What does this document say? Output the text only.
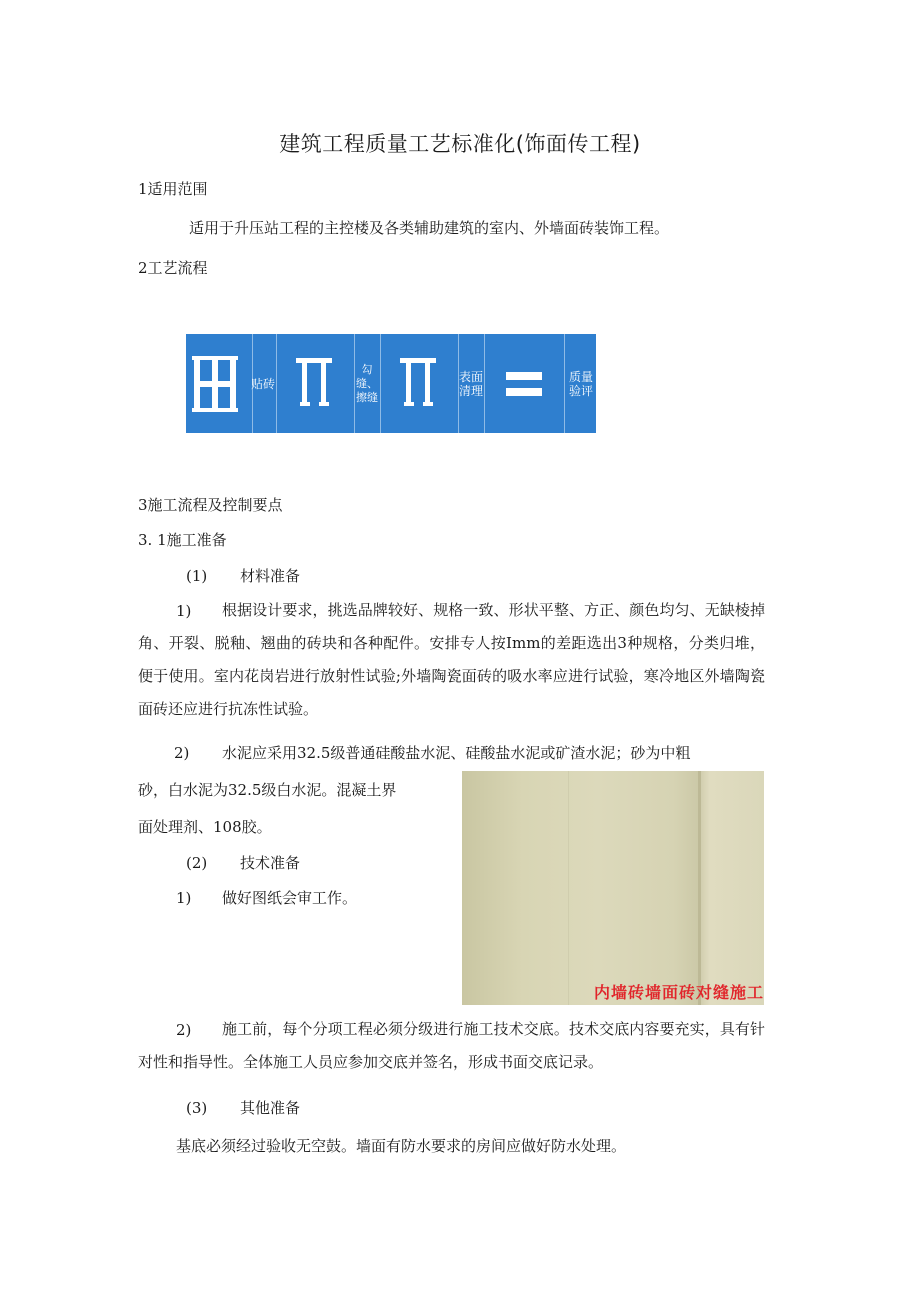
建筑工程质量工艺标准化(饰面传工程)
1适用范围
适用于升压站工程的主控楼及各类辅助建筑的室内、外墙面砖装饰工程。
2工艺流程
贴砖
勾缝、擦缝
表面清理
质量验评
3施工流程及控制要点
3. 1施工准备
(1) 材料准备
1)	根据设计要求，挑选品牌较好、规格一致、形状平整、方正、颜色均匀、无缺棱掉角、开裂、脱釉、翘曲的砖块和各种配件。安排专人按Imm的差距选出3种规格，分类归堆，便于使用。室内花岗岩进行放射性试验;外墙陶瓷面砖的吸水率应进行试验，寒冷地区外墙陶瓷面砖还应进行抗冻性试验。
2) 水泥应采用32.5级普通硅酸盐水泥、硅酸盐水泥或矿渣水泥；砂为中粗
砂，白水泥为32.5级白水泥。混凝土界
面处理剂、108胶。
(2) 技术准备
1) 做好图纸会审工作。
内墙砖墙面砖对缝施工
2)	施工前，每个分项工程必须分级进行施工技术交底。技术交底内容要充实，具有针对性和指导性。全体施工人员应参加交底并签名，形成书面交底记录。
(3) 其他准备
基底必须经过验收无空鼓。墙面有防水要求的房间应做好防水处理。
